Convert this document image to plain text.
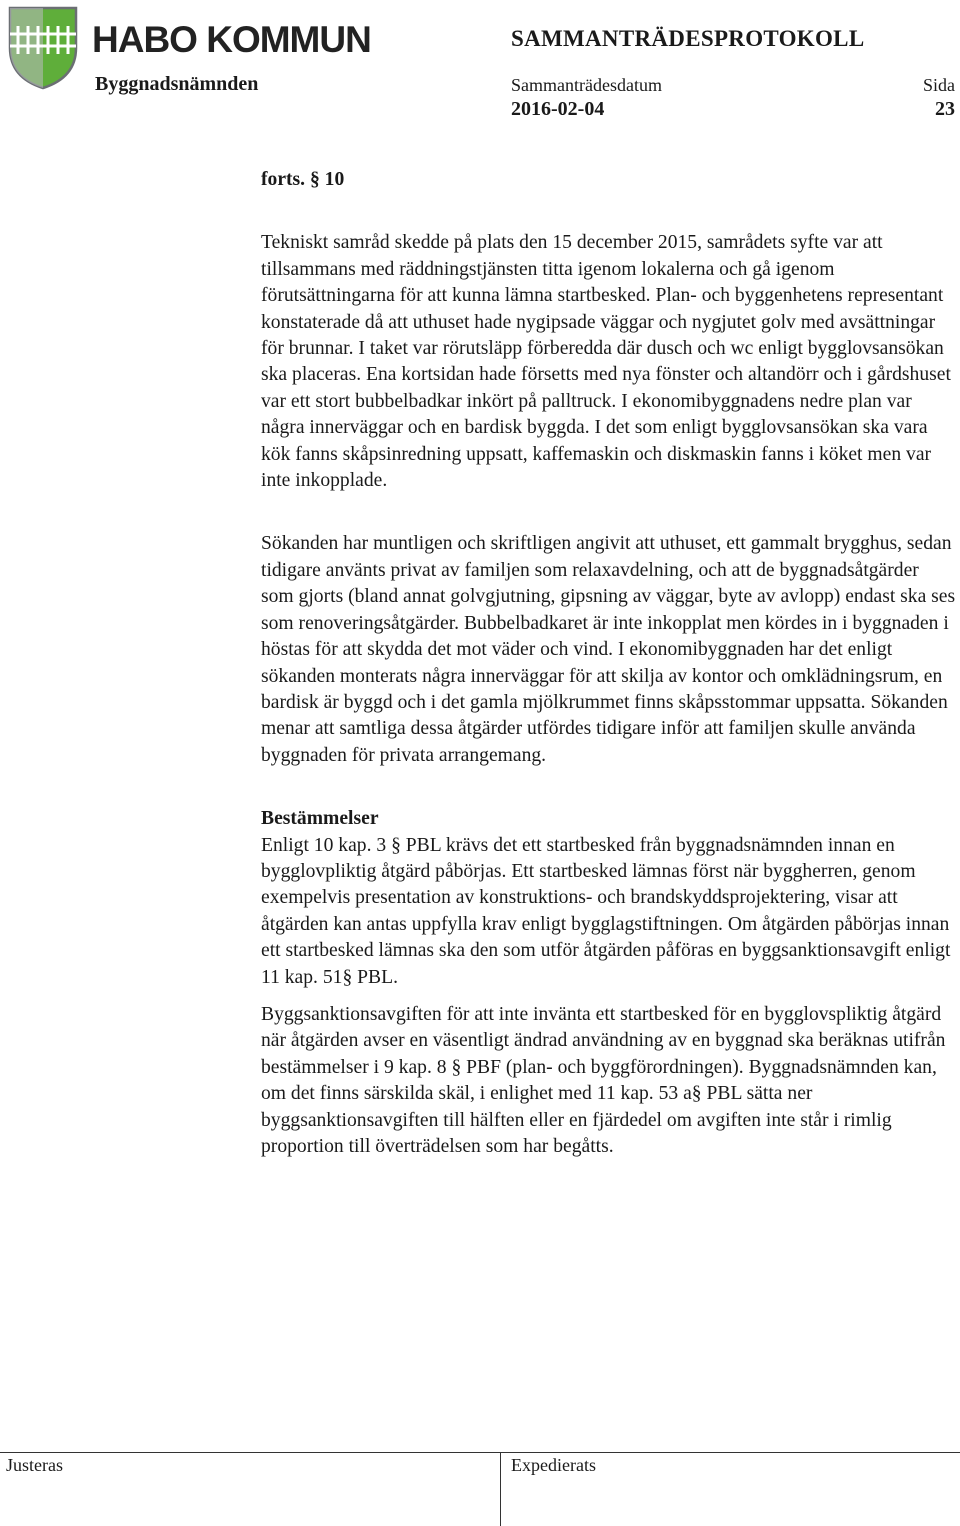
HABO KOMMUN	SAMMANTRÄDESPROTOKOLL
Byggnadsnämnden	Sammanträdesdatum	Sida
2016-02-04	23

forts. § 10

Tekniskt samråd skedde på plats den 15 december 2015, samrådets syfte var att tillsammans med räddningstjänsten titta igenom lokalerna och gå igenom förutsättningarna för att kunna lämna startbesked. Plan- och byggenhetens representant konstaterade då att uthuset hade nygipsade väggar och nygjutet golv med avsättningar för brunnar. I taket var rörutsläpp förberedda där dusch och wc enligt bygglovsansökan ska placeras. Ena kortsidan hade försetts med nya fönster och altandörr och i gårdshuset var ett stort bubbelbadkar inkört på palltruck. I ekonomibyggnadens nedre plan var några innerväggar och en bardisk byggda. I det som enligt bygglovsansökan ska vara kök fanns skåpsinredning uppsatt, kaffemaskin och diskmaskin fanns i köket men var inte inkopplade.

Sökanden har muntligen och skriftligen angivit att uthuset, ett gammalt brygghus, sedan tidigare använts privat av familjen som relaxavdelning, och att de byggnadsåtgärder som gjorts (bland annat golvgjutning, gipsning av väggar, byte av avlopp) endast ska ses som renoveringsåtgärder. Bubbelbadkaret är inte inkopplat men kördes in i byggnaden i höstas för att skydda det mot väder och vind. I ekonomibyggnaden har det enligt sökanden monterats några innerväggar för att skilja av kontor och omklädningsrum, en bardisk är byggd och i det gamla mjölkrummet finns skåpsstommar uppsatta. Sökanden menar att samtliga dessa åtgärder utfördes tidigare inför att familjen skulle använda byggnaden för privata arrangemang.

Bestämmelser

Enligt 10 kap. 3 § PBL krävs det ett startbesked från byggnadsnämnden innan en bygglovpliktig åtgärd påbörjas. Ett startbesked lämnas först när byggherren, genom exempelvis presentation av konstruktions- och brandskyddsprojektering, visar att åtgärden kan antas uppfylla krav enligt bygglagstiftningen. Om åtgärden påbörjas innan ett startbesked lämnas ska den som utför åtgärden påföras en byggsanktionsavgift enligt 11 kap. 51§ PBL.

Byggsanktionsavgiften för att inte invänta ett startbesked för en bygglovspliktig åtgärd när åtgärden avser en väsentligt ändrad användning av en byggnad ska beräknas utifrån bestämmelser i 9 kap. 8 § PBF (plan- och byggförordningen). Byggnadsnämnden kan, om det finns särskilda skäl, i enlighet med 11 kap. 53 a§ PBL sätta ner byggsanktionsavgiften till hälften eller en fjärdedel om avgiften inte står i rimlig proportion till överträdelsen som har begåtts.

Justeras	Expedierats
